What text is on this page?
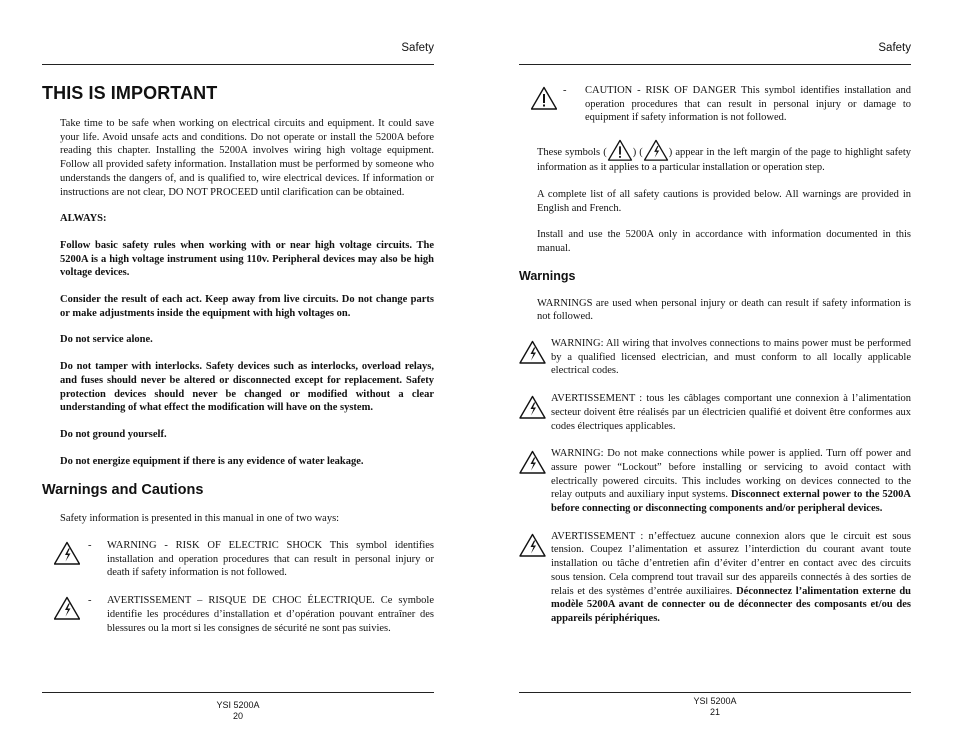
Safety
THIS IS IMPORTANT

Take time to be safe when working on electrical circuits and equipment. It could save your life. Avoid unsafe acts and conditions. Do not operate or install the 5200A before reading this chapter. Installing the 5200A involves wiring high voltage equipment. Follow all provided safety information. Installation must be performed by someone who understands the dangers of, and is qualified to, wire electrical devices. If information or instructions are not clear, DO NOT PROCEED until clarification can be obtained.

ALWAYS:

Follow basic safety rules when working with or near high voltage circuits. The 5200A is a high voltage instrument using 110v. Peripheral devices may also be high voltage devices.

Consider the result of each act. Keep away from live circuits. Do not change parts or make adjustments inside the equipment with high voltages on.

Do not service alone.

Do not tamper with interlocks. Safety devices such as interlocks, overload relays, and fuses should never be altered or disconnected except for replacement. Safety protection devices should never be changed or modified without a clear understanding of what effect the modification will have on the system.

Do not ground yourself.

Do not energize equipment if there is any evidence of water leakage.

Warnings and Cautions

Safety information is presented in this manual in one of two ways:

- WARNING - RISK OF ELECTRIC SHOCK This symbol identifies installation and operation procedures that can result in personal injury or death if safety information is not followed.
- AVERTISSEMENT – RISQUE DE CHOC ÉLECTRIQUE. Ce symbole identifie les procédures d’installation et d’opération pouvant entraîner des blessures ou la mort si les consignes de sécurité ne sont pas suivies.
YSI 5200A
20
Safety
- CAUTION - RISK OF DANGER This symbol identifies installation and operation procedures that can result in personal injury or damage to equipment if safety information is not followed.

These symbols ( ) ( ) appear in the left margin of the page to highlight safety information as it applies to a particular installation or operation step.

A complete list of all safety cautions is provided below. All warnings are provided in English and French.

Install and use the 5200A only in accordance with information documented in this manual.

Warnings

WARNINGS are used when personal injury or death can result if safety information is not followed.

WARNING: All wiring that involves connections to mains power must be performed by a qualified licensed electrician, and must conform to all locally applicable electrical codes.
AVERTISSEMENT : tous les câblages comportant une connexion à l’alimentation secteur doivent être réalisés par un électricien qualifié et doivent être conformes aux codes électriques applicables.
WARNING: Do not make connections while power is applied. Turn off power and assure power “Lockout” before installing or servicing to avoid contact with electrically powered circuits. This includes working on devices connected to the relay outputs and auxiliary input systems. Disconnect external power to the 5200A before connecting or disconnecting components and/or peripheral devices.
AVERTISSEMENT : n’effectuez aucune connexion alors que le circuit est sous tension. Coupez l’alimentation et assurez l’interdiction du courant avant toute installation ou tâche d’entretien afin d’éviter d’entrer en contact avec des circuits sous tension. Cela comprend tout travail sur des appareils connectés à des sorties de relais et des systèmes d’entrée auxiliaires. Déconnectez l’alimentation externe du modèle 5200A avant de connecter ou de déconnecter des composants et/ou des appareils périphériques.
YSI 5200A
21
